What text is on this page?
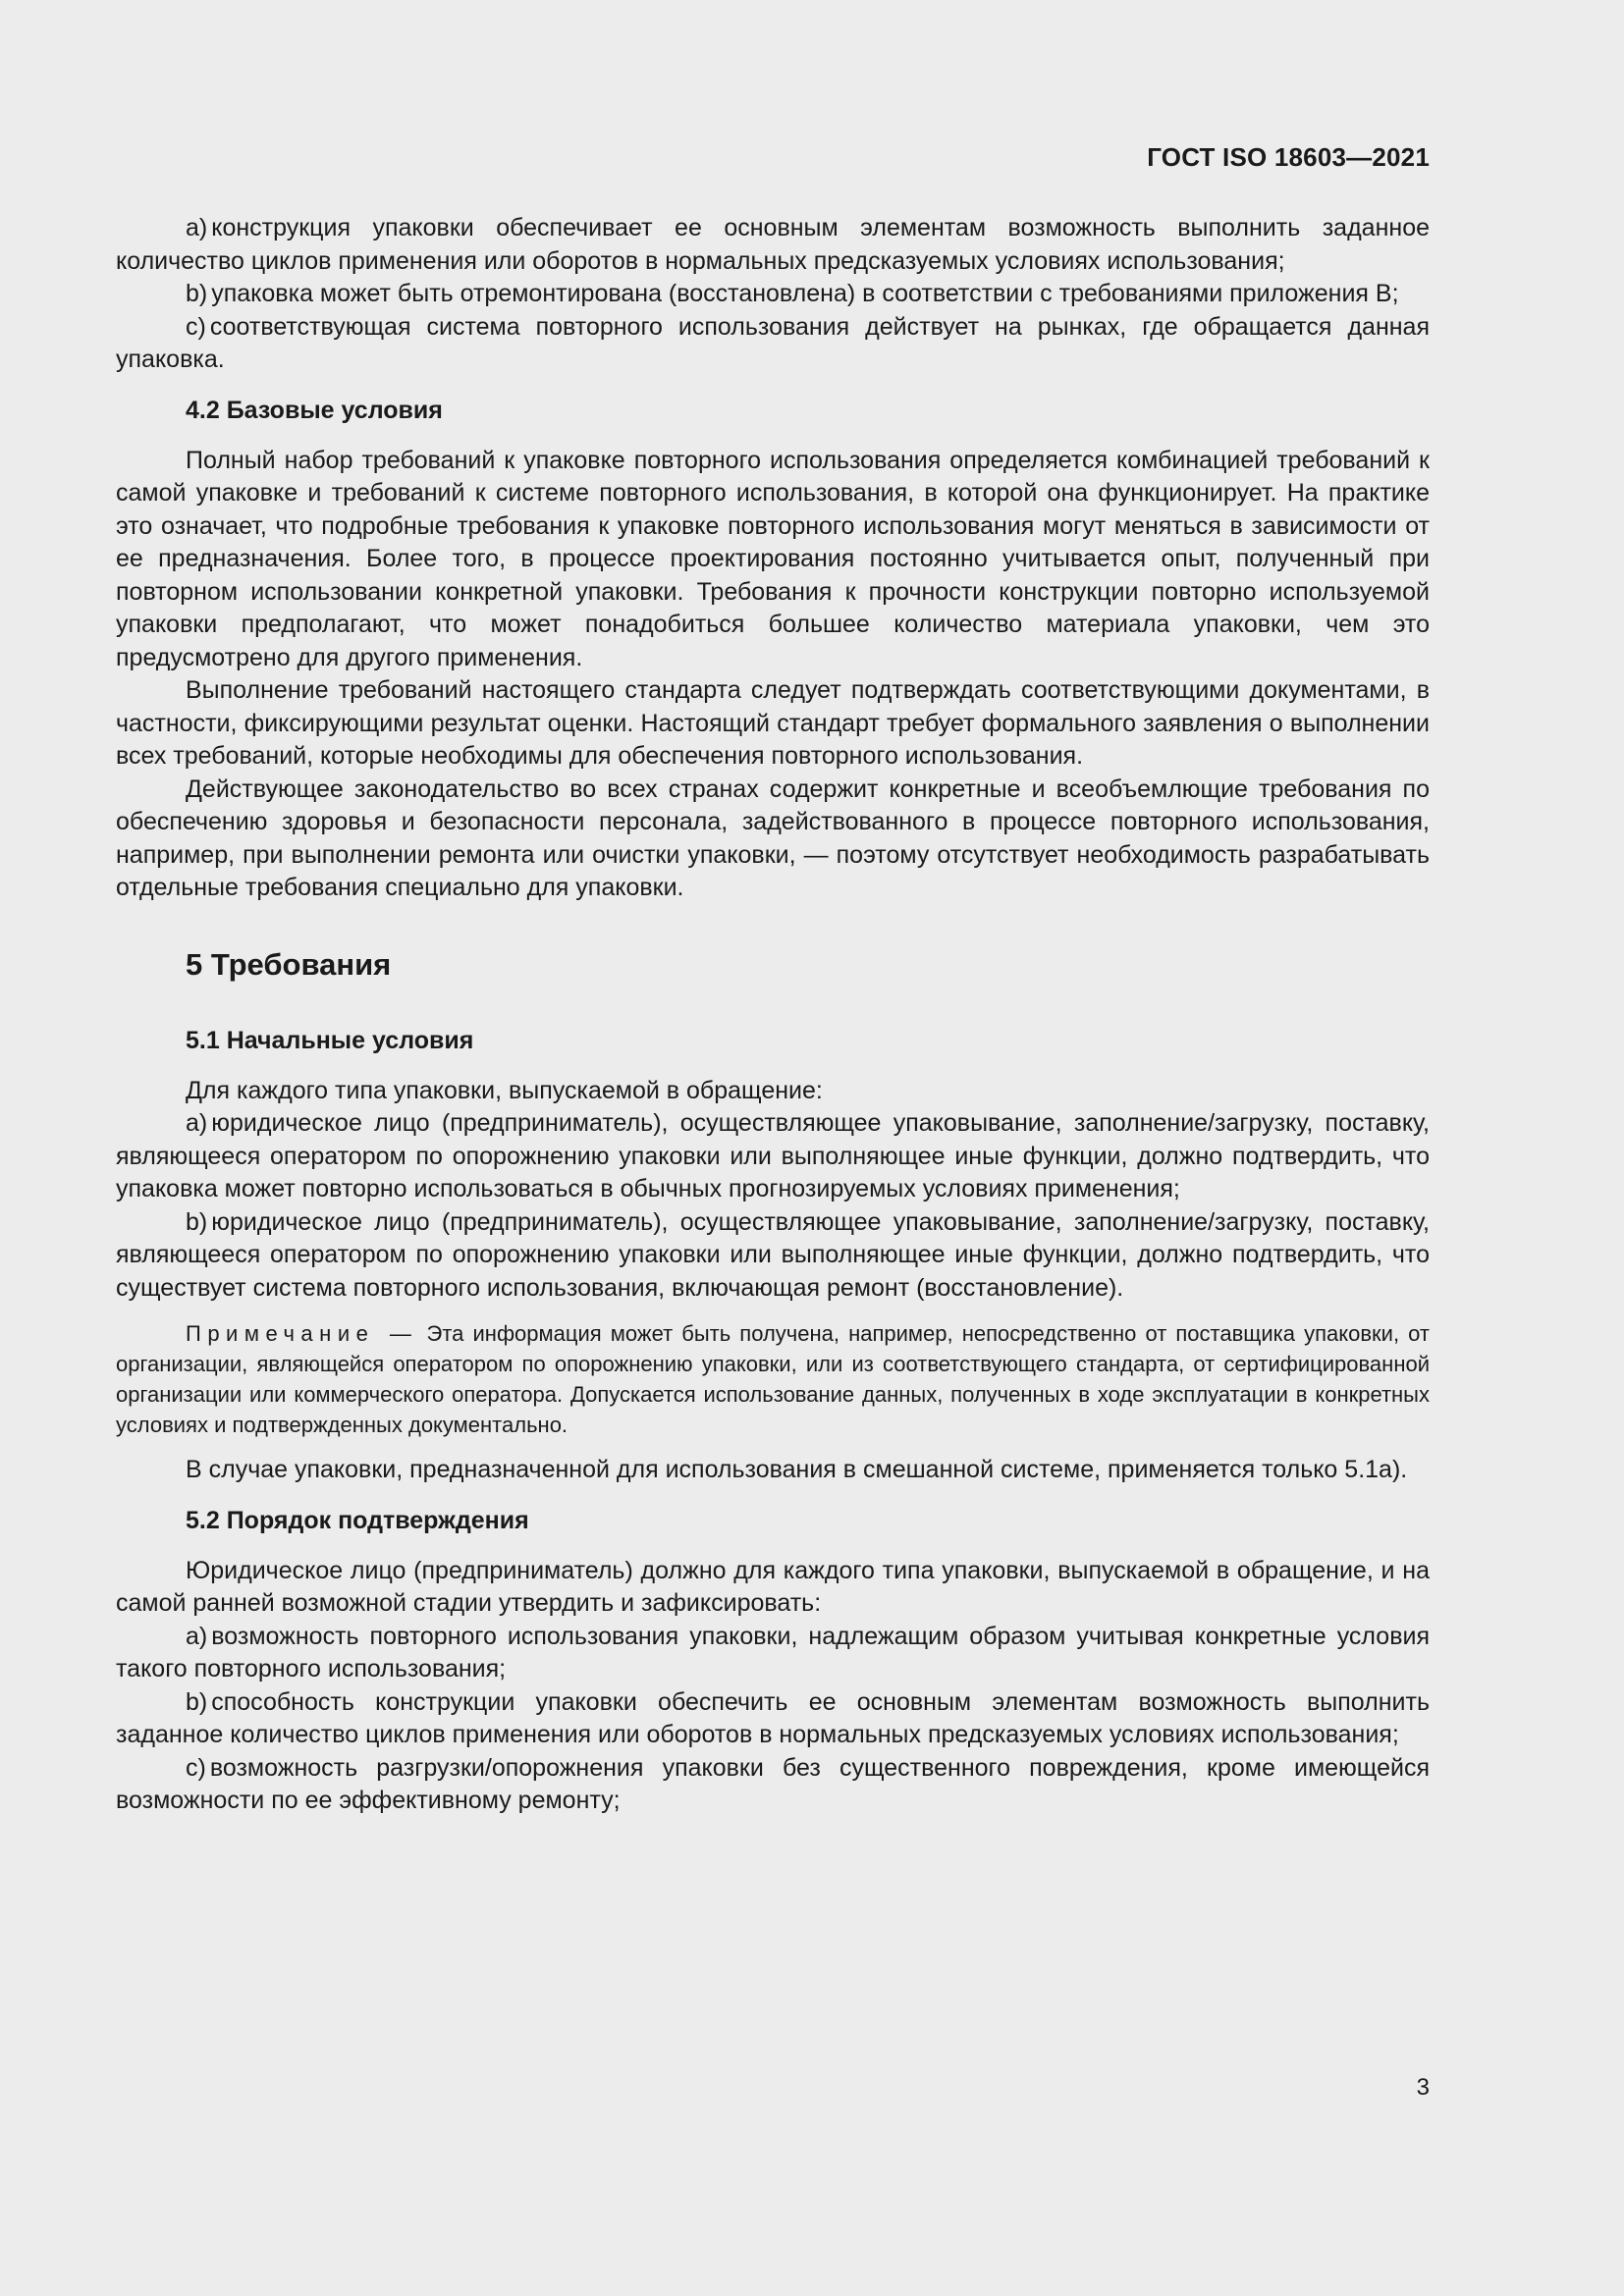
ГОСТ ISO 18603—2021

a) конструкция упаковки обеспечивает ее основным элементам возможность выполнить заданное количество циклов применения или оборотов в нормальных предсказуемых условиях использования;

b) упаковка может быть отремонтирована (восстановлена) в соответствии с требованиями приложения B;

c) соответствующая система повторного использования действует на рынках, где обращается данная упаковка.

4.2 Базовые условия

Полный набор требований к упаковке повторного использования определяется комбинацией требований к самой упаковке и требований к системе повторного использования, в которой она функционирует. На практике это означает, что подробные требования к упаковке повторного использования могут меняться в зависимости от ее предназначения. Более того, в процессе проектирования постоянно учитывается опыт, полученный при повторном использовании конкретной упаковки. Требования к прочности конструкции повторно используемой упаковки предполагают, что может понадобиться большее количество материала упаковки, чем это предусмотрено для другого применения.

Выполнение требований настоящего стандарта следует подтверждать соответствующими документами, в частности, фиксирующими результат оценки. Настоящий стандарт требует формального заявления о выполнении всех требований, которые необходимы для обеспечения повторного использования.

Действующее законодательство во всех странах содержит конкретные и всеобъемлющие требования по обеспечению здоровья и безопасности персонала, задействованного в процессе повторного использования, например, при выполнении ремонта или очистки упаковки, — поэтому отсутствует необходимость разрабатывать отдельные требования специально для упаковки.

5 Требования
5.1 Начальные условия

Для каждого типа упаковки, выпускаемой в обращение:

a) юридическое лицо (предприниматель), осуществляющее упаковывание, заполнение/загрузку, поставку, являющееся оператором по опорожнению упаковки или выполняющее иные функции, должно подтвердить, что упаковка может повторно использоваться в обычных прогнозируемых условиях применения;

b) юридическое лицо (предприниматель), осуществляющее упаковывание, заполнение/загрузку, поставку, являющееся оператором по опорожнению упаковки или выполняющее иные функции, должно подтвердить, что существует система повторного использования, включающая ремонт (восстановление).

Примечание — Эта информация может быть получена, например, непосредственно от поставщика упаковки, от организации, являющейся оператором по опорожнению упаковки, или из соответствующего стандарта, от сертифицированной организации или коммерческого оператора. Допускается использование данных, полученных в ходе эксплуатации в конкретных условиях и подтвержденных документально.

В случае упаковки, предназначенной для использования в смешанной системе, применяется только 5.1a).

5.2 Порядок подтверждения

Юридическое лицо (предприниматель) должно для каждого типа упаковки, выпускаемой в обращение, и на самой ранней возможной стадии утвердить и зафиксировать:

a) возможность повторного использования упаковки, надлежащим образом учитывая конкретные условия такого повторного использования;

b) способность конструкции упаковки обеспечить ее основным элементам возможность выполнить заданное количество циклов применения или оборотов в нормальных предсказуемых условиях использования;

c) возможность разгрузки/опорожнения упаковки без существенного повреждения, кроме имеющейся возможности по ее эффективному ремонту;

3
